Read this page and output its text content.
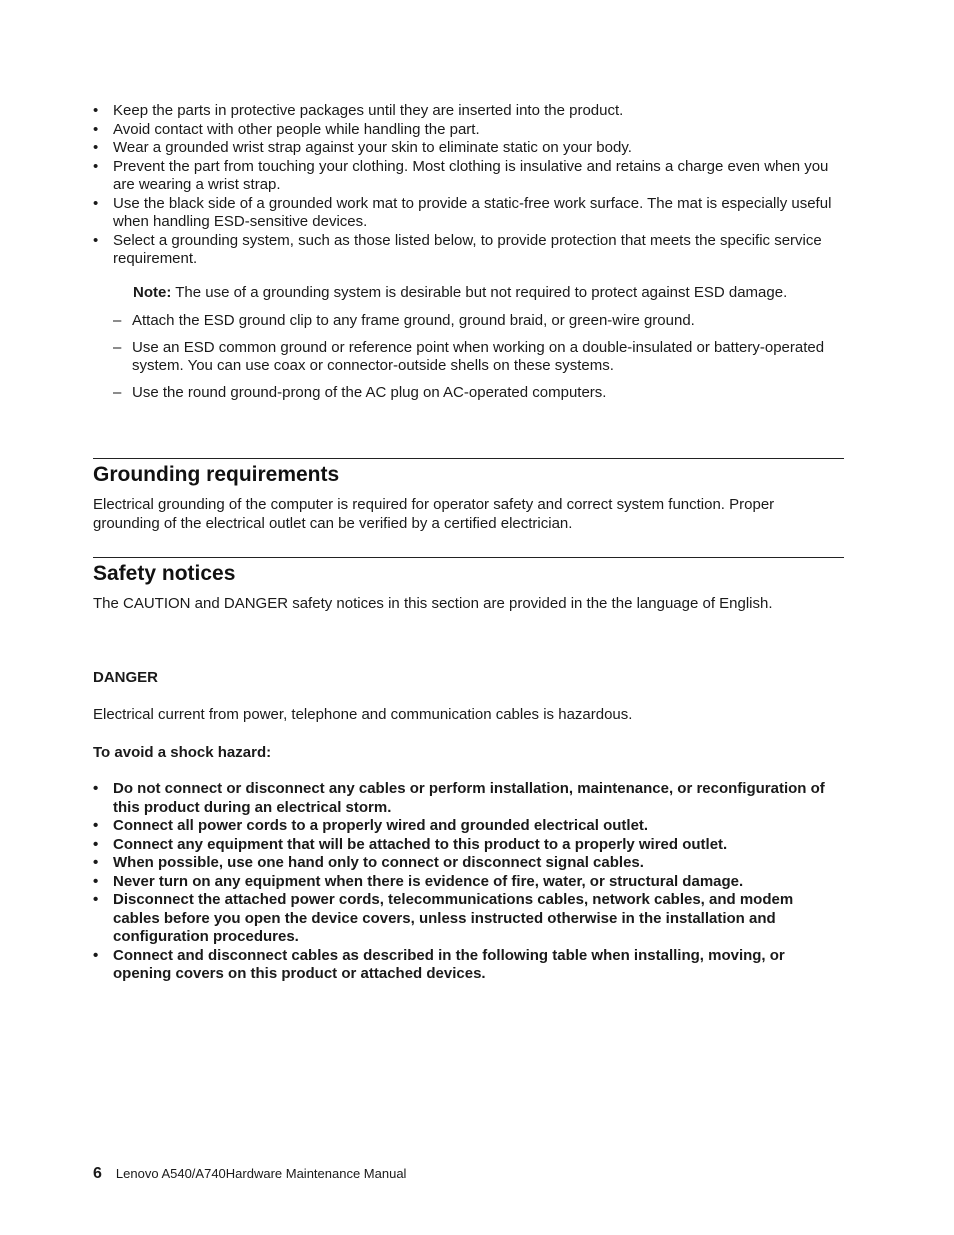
• Keep the parts in protective packages until they are inserted into the product.
• Avoid contact with other people while handling the part.
• Wear a grounded wrist strap against your skin to eliminate static on your body.
• Prevent the part from touching your clothing. Most clothing is insulative and retains a charge even when you are wearing a wrist strap.
• Use the black side of a grounded work mat to provide a static-free work surface. The mat is especially useful when handling ESD-sensitive devices.
• Select a grounding system, such as those listed below, to provide protection that meets the specific service requirement.
Note: The use of a grounding system is desirable but not required to protect against ESD damage.
– Attach the ESD ground clip to any frame ground, ground braid, or green-wire ground.
– Use an ESD common ground or reference point when working on a double-insulated or battery-operated system. You can use coax or connector-outside shells on these systems.
– Use the round ground-prong of the AC plug on AC-operated computers.
Grounding requirements

Electrical grounding of the computer is required for operator safety and correct system function. Proper grounding of the electrical outlet can be verified by a certified electrician.

Safety notices

The CAUTION and DANGER safety notices in this section are provided in the the language of English.

DANGER

Electrical current from power, telephone and communication cables is hazardous.

To avoid a shock hazard:

• Do not connect or disconnect any cables or perform installation, maintenance, or reconfiguration of this product during an electrical storm.
• Connect all power cords to a properly wired and grounded electrical outlet.
• Connect any equipment that will be attached to this product to a properly wired outlet.
• When possible, use one hand only to connect or disconnect signal cables.
• Never turn on any equipment when there is evidence of fire, water, or structural damage.
• Disconnect the attached power cords, telecommunications cables, network cables, and modem cables before you open the device covers, unless instructed otherwise in the installation and configuration procedures.
• Connect and disconnect cables as described in the following table when installing, moving, or opening covers on this product or attached devices.
6 Lenovo A540/A740Hardware Maintenance Manual
